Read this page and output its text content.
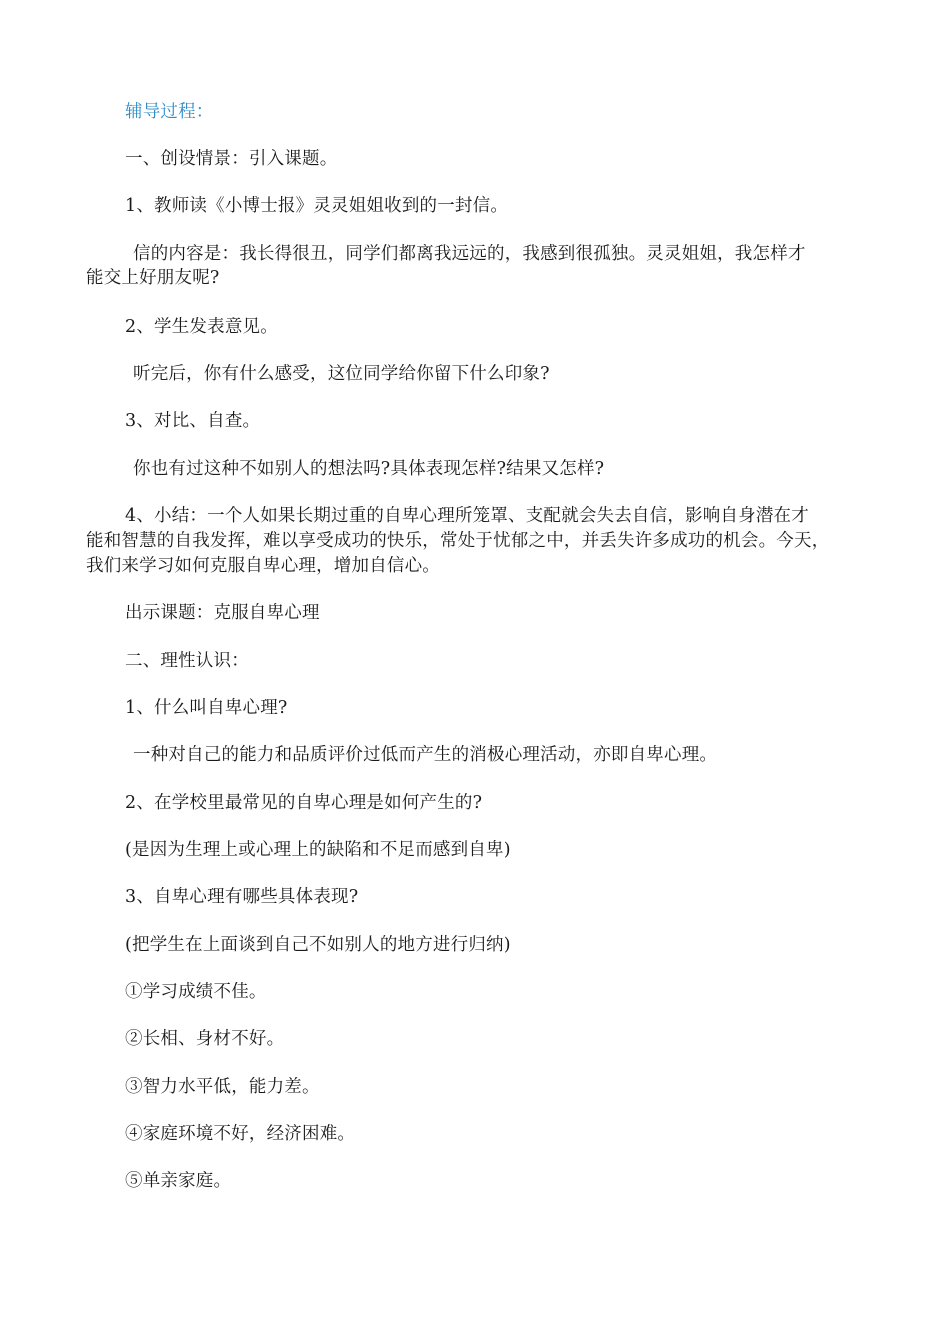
辅导过程：
一、创设情景：引入课题。
1、教师读《小博士报》灵灵姐姐收到的一封信。
信的内容是：我长得很丑，同学们都离我远远的，我感到很孤独。灵灵姐姐，我怎样才
能交上好朋友呢?
2、学生发表意见。
听完后，你有什么感受，这位同学给你留下什么印象?
3、对比、自查。
你也有过这种不如别人的想法吗?具体表现怎样?结果又怎样?
4、小结：一个人如果长期过重的自卑心理所笼罩、支配就会失去自信，影响自身潜在才
能和智慧的自我发挥，难以享受成功的快乐，常处于忧郁之中，并丢失许多成功的机会。今天，
我们来学习如何克服自卑心理，增加自信心。
出示课题：克服自卑心理
二、理性认识：
1、什么叫自卑心理?
一种对自己的能力和品质评价过低而产生的消极心理活动，亦即自卑心理。
2、在学校里最常见的自卑心理是如何产生的?
(是因为生理上或心理上的缺陷和不足而感到自卑)
3、自卑心理有哪些具体表现?
(把学生在上面谈到自己不如别人的地方进行归纳)
①学习成绩不佳。
②长相、身材不好。
③智力水平低，能力差。
④家庭环境不好，经济困难。
⑤单亲家庭。
